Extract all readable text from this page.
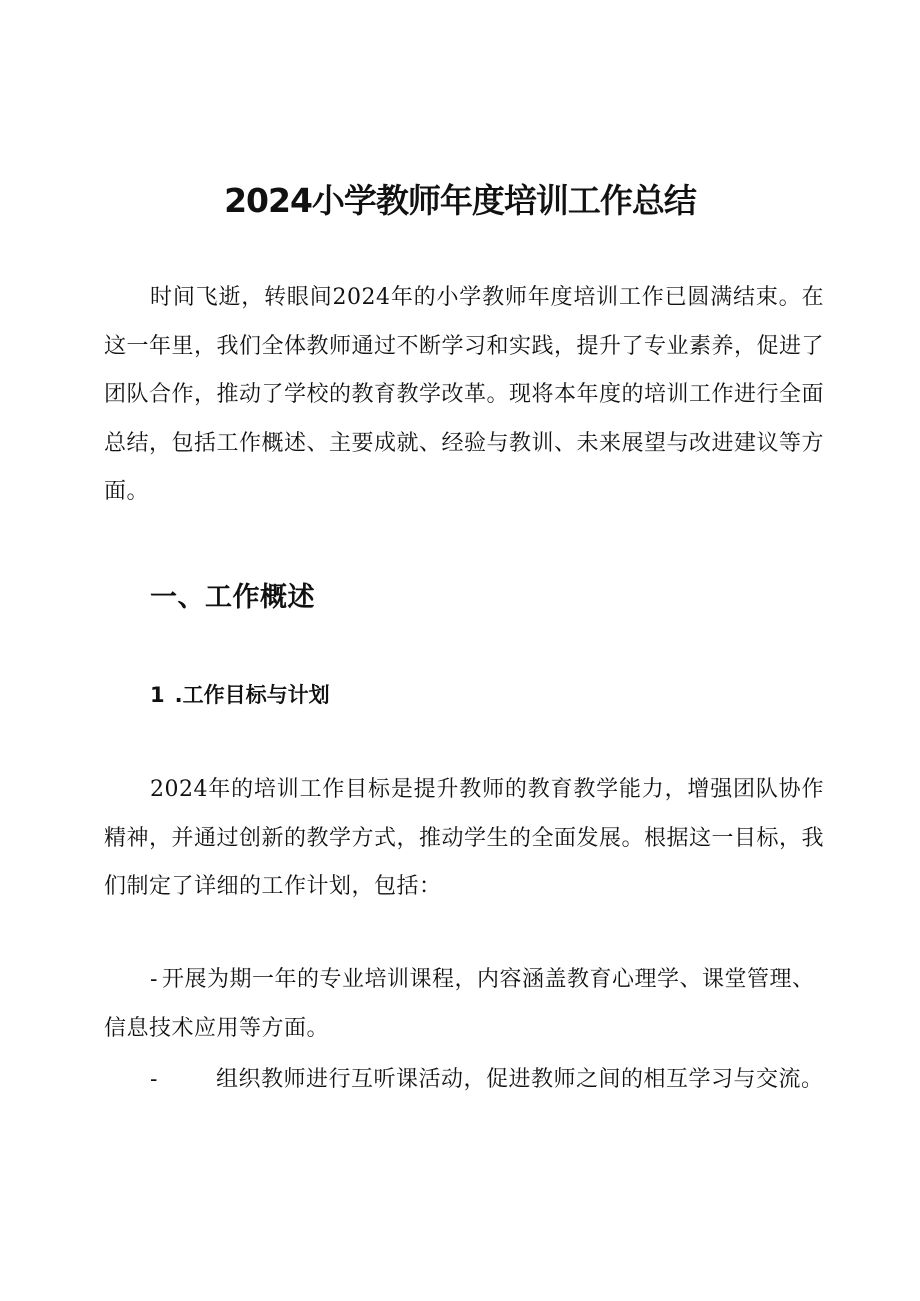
2024小学教师年度培训工作总结

时间飞逝，转眼间2024年的小学教师年度培训工作已圆满结束。在这一年里，我们全体教师通过不断学习和实践，提升了专业素养，促进了团队合作，推动了学校的教育教学改革。现将本年度的培训工作进行全面总结，包括工作概述、主要成就、经验与教训、未来展望与改进建议等方面。

一、工作概述
1 .工作目标与计划

2024年的培训工作目标是提升教师的教育教学能力，增强团队协作精神，并通过创新的教学方式，推动学生的全面发展。根据这一目标，我们制定了详细的工作计划，包括：

- 开展为期一年的专业培训课程，内容涵盖教育心理学、课堂管理、信息技术应用等方面。

-	组织教师进行互听课活动，促进教师之间的相互学习与交流。
